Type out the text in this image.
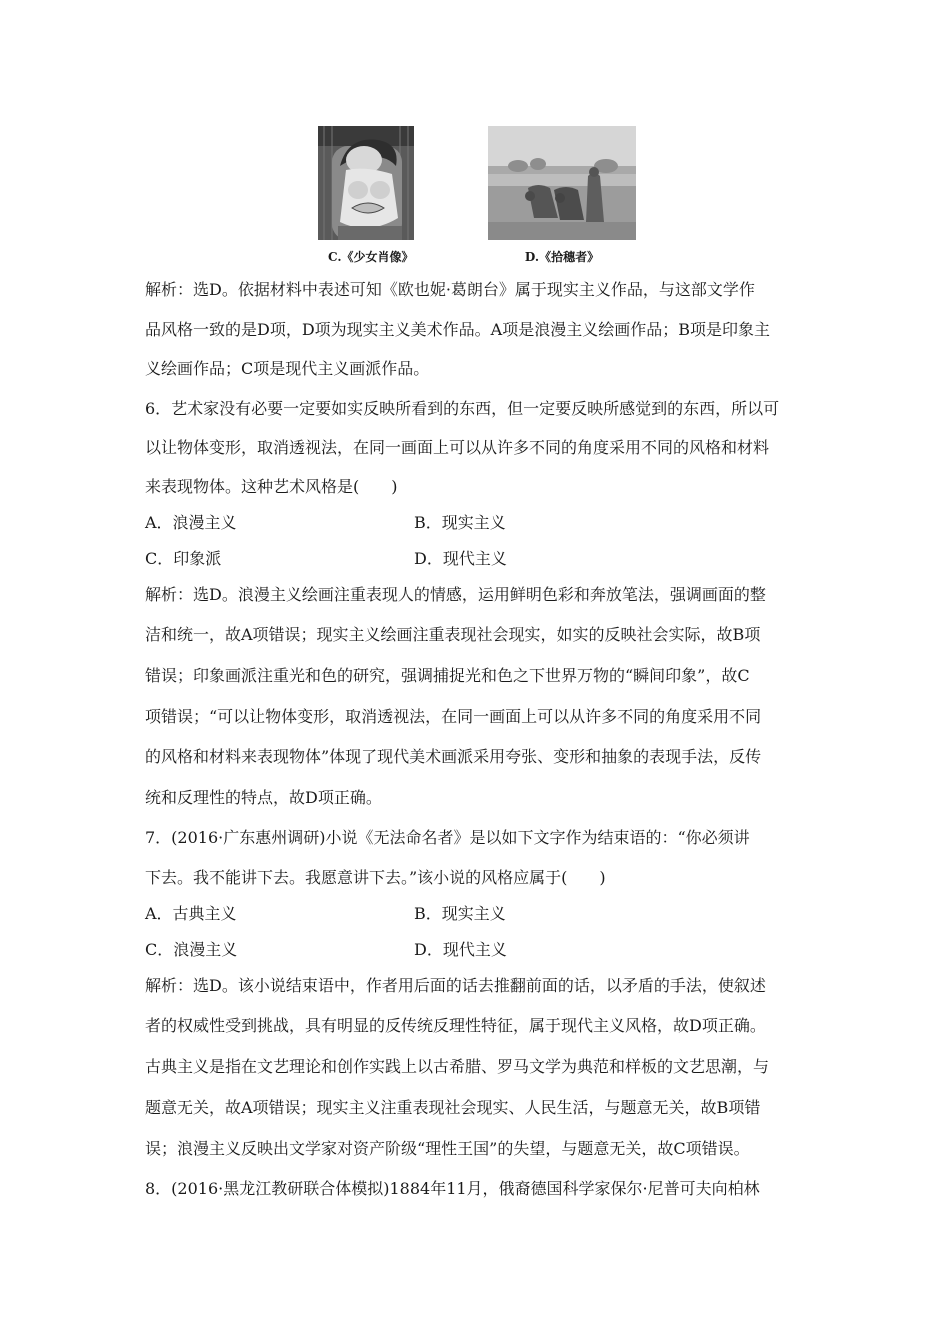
C.《少女肖像》	D.《拾穗者》
解析：选D。依据材料中表述可知《欧也妮·葛朗台》属于现实主义作品，与这部文学作
品风格一致的是D项，D项为现实主义美术作品。A项是浪漫主义绘画作品；B项是印象主
义绘画作品；C项是现代主义画派作品。
6．艺术家没有必要一定要如实反映所看到的东西，但一定要反映所感觉到的东西，所以可
以让物体变形，取消透视法，在同一画面上可以从许多不同的角度采用不同的风格和材料
来表现物体。这种艺术风格是(　　)
A．浪漫主义	B．现实主义
C．印象派	D．现代主义
解析：选D。浪漫主义绘画注重表现人的情感，运用鲜明色彩和奔放笔法，强调画面的整
洁和统一，故A项错误；现实主义绘画注重表现社会现实，如实的反映社会实际，故B项
错误；印象画派注重光和色的研究，强调捕捉光和色之下世界万物的“瞬间印象”，故C
项错误；“可以让物体变形，取消透视法，在同一画面上可以从许多不同的角度采用不同
的风格和材料来表现物体”体现了现代美术画派采用夸张、变形和抽象的表现手法，反传
统和反理性的特点，故D项正确。
7．(2016·广东惠州调研)小说《无法命名者》是以如下文字作为结束语的：“你必须讲
下去。我不能讲下去。我愿意讲下去。”该小说的风格应属于(　　)
A．古典主义	B．现实主义
C．浪漫主义	D．现代主义
解析：选D。该小说结束语中，作者用后面的话去推翻前面的话，以矛盾的手法，使叙述
者的权威性受到挑战，具有明显的反传统反理性特征，属于现代主义风格，故D项正确。
古典主义是指在文艺理论和创作实践上以古希腊、罗马文学为典范和样板的文艺思潮，与
题意无关，故A项错误；现实主义注重表现社会现实、人民生活，与题意无关，故B项错
误；浪漫主义反映出文学家对资产阶级“理性王国”的失望，与题意无关，故C项错误。
8．(2016·黑龙江教研联合体模拟)1884年11月，俄裔德国科学家保尔·尼普可夫向柏林
